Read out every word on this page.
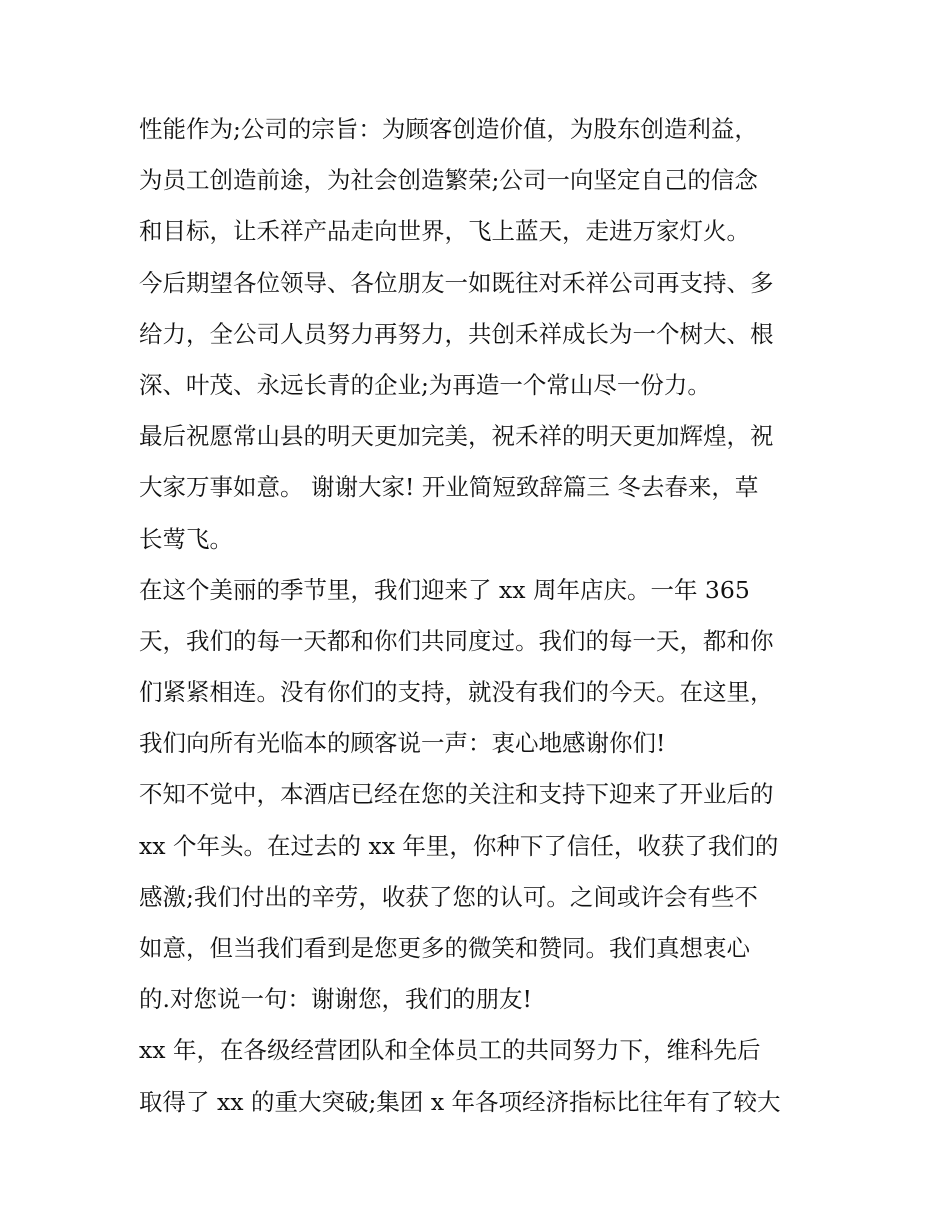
性能作为;公司的宗旨：为顾客创造价值，为股东创造利益，
为员工创造前途，为社会创造繁荣;公司一向坚定自己的信念
和目标，让禾祥产品走向世界，飞上蓝天，走进万家灯火。
今后期望各位领导、各位朋友一如既往对禾祥公司再支持、多
给力，全公司人员努力再努力，共创禾祥成长为一个树大、根
深、叶茂、永远长青的企业;为再造一个常山尽一份力。
最后祝愿常山县的明天更加完美，祝禾祥的明天更加辉煌，祝
大家万事如意。 谢谢大家! 开业简短致辞篇三 冬去春来，草
长莺飞。
在这个美丽的季节里，我们迎来了 xx 周年店庆。一年 365
天，我们的每一天都和你们共同度过。我们的每一天，都和你
们紧紧相连。没有你们的支持，就没有我们的今天。在这里，
我们向所有光临本的顾客说一声：衷心地感谢你们!
不知不觉中，本酒店已经在您的关注和支持下迎来了开业后的
xx 个年头。在过去的 xx 年里，你种下了信任，收获了我们的
感激;我们付出的辛劳，收获了您的认可。之间或许会有些不
如意，但当我们看到是您更多的微笑和赞同。我们真想衷心
的.对您说一句：谢谢您，我们的朋友!
xx 年，在各级经营团队和全体员工的共同努力下，维科先后
取得了 xx 的重大突破;集团 x 年各项经济指标比往年有了较大
